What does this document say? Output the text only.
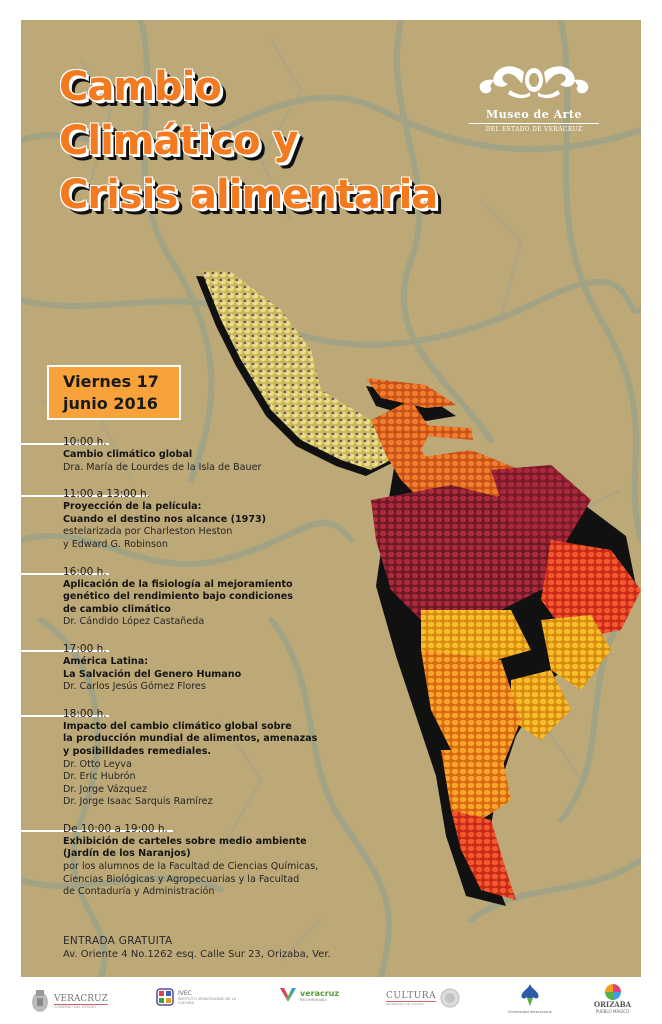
Cambio
Climático y
Crisis alimentaria
Museo de Arte
DEL ESTADO DE VERACRUZ
Viernes 17
junio 2016
10:00 h.
Cambio climático global
Dra. María de Lourdes de la Isla de Bauer
11:00 a 13:00 h.
Proyección de la película:
Cuando el destino nos alcance (1973)
estelarizada por Charleston Heston
y Edward G. Robinson
16:00 h.
Aplicación de la fisiología al mejoramiento
genético del rendimiento bajo condiciones
de cambio climático
Dr. Cándido López Castañeda
17:00 h.
América Latina:
La Salvación del Genero Humano
Dr. Carlos Jesús Gómez Flores
18:00 h.
Impacto del cambio climático global sobre
la producción mundial de alimentos, amenazas
y posibilidades remediales.
Dr. Otto Leyva
Dr. Eric Hubrón
Dr. Jorge Vázquez
Dr. Jorge Isaac Sarquis Ramírez
De 10:00 a 19:00 h.
Exhibición de carteles sobre medio ambiente
(Jardín de los Naranjos)
por los alumnos de la Facultad de Ciencias Químicas,
Ciencias Biológicas y Agropecuarias y la Facultad
de Contaduría y Administración
ENTRADA GRATUITA
Av. Oriente 4 No.1262 esq. Calle Sur 23, Orizaba, Ver.
VERACRUZ
GOBIERNO DEL ESTADO
IVEC
INSTITUTO VERACRUZANO DE LA CULTURA
veracruz
INCOMPARABLE	CULTURA
SECRETARÍA DE CULTURA
Universidad Veracruzana
ORIZABA
PUEBLO MÁGICO
